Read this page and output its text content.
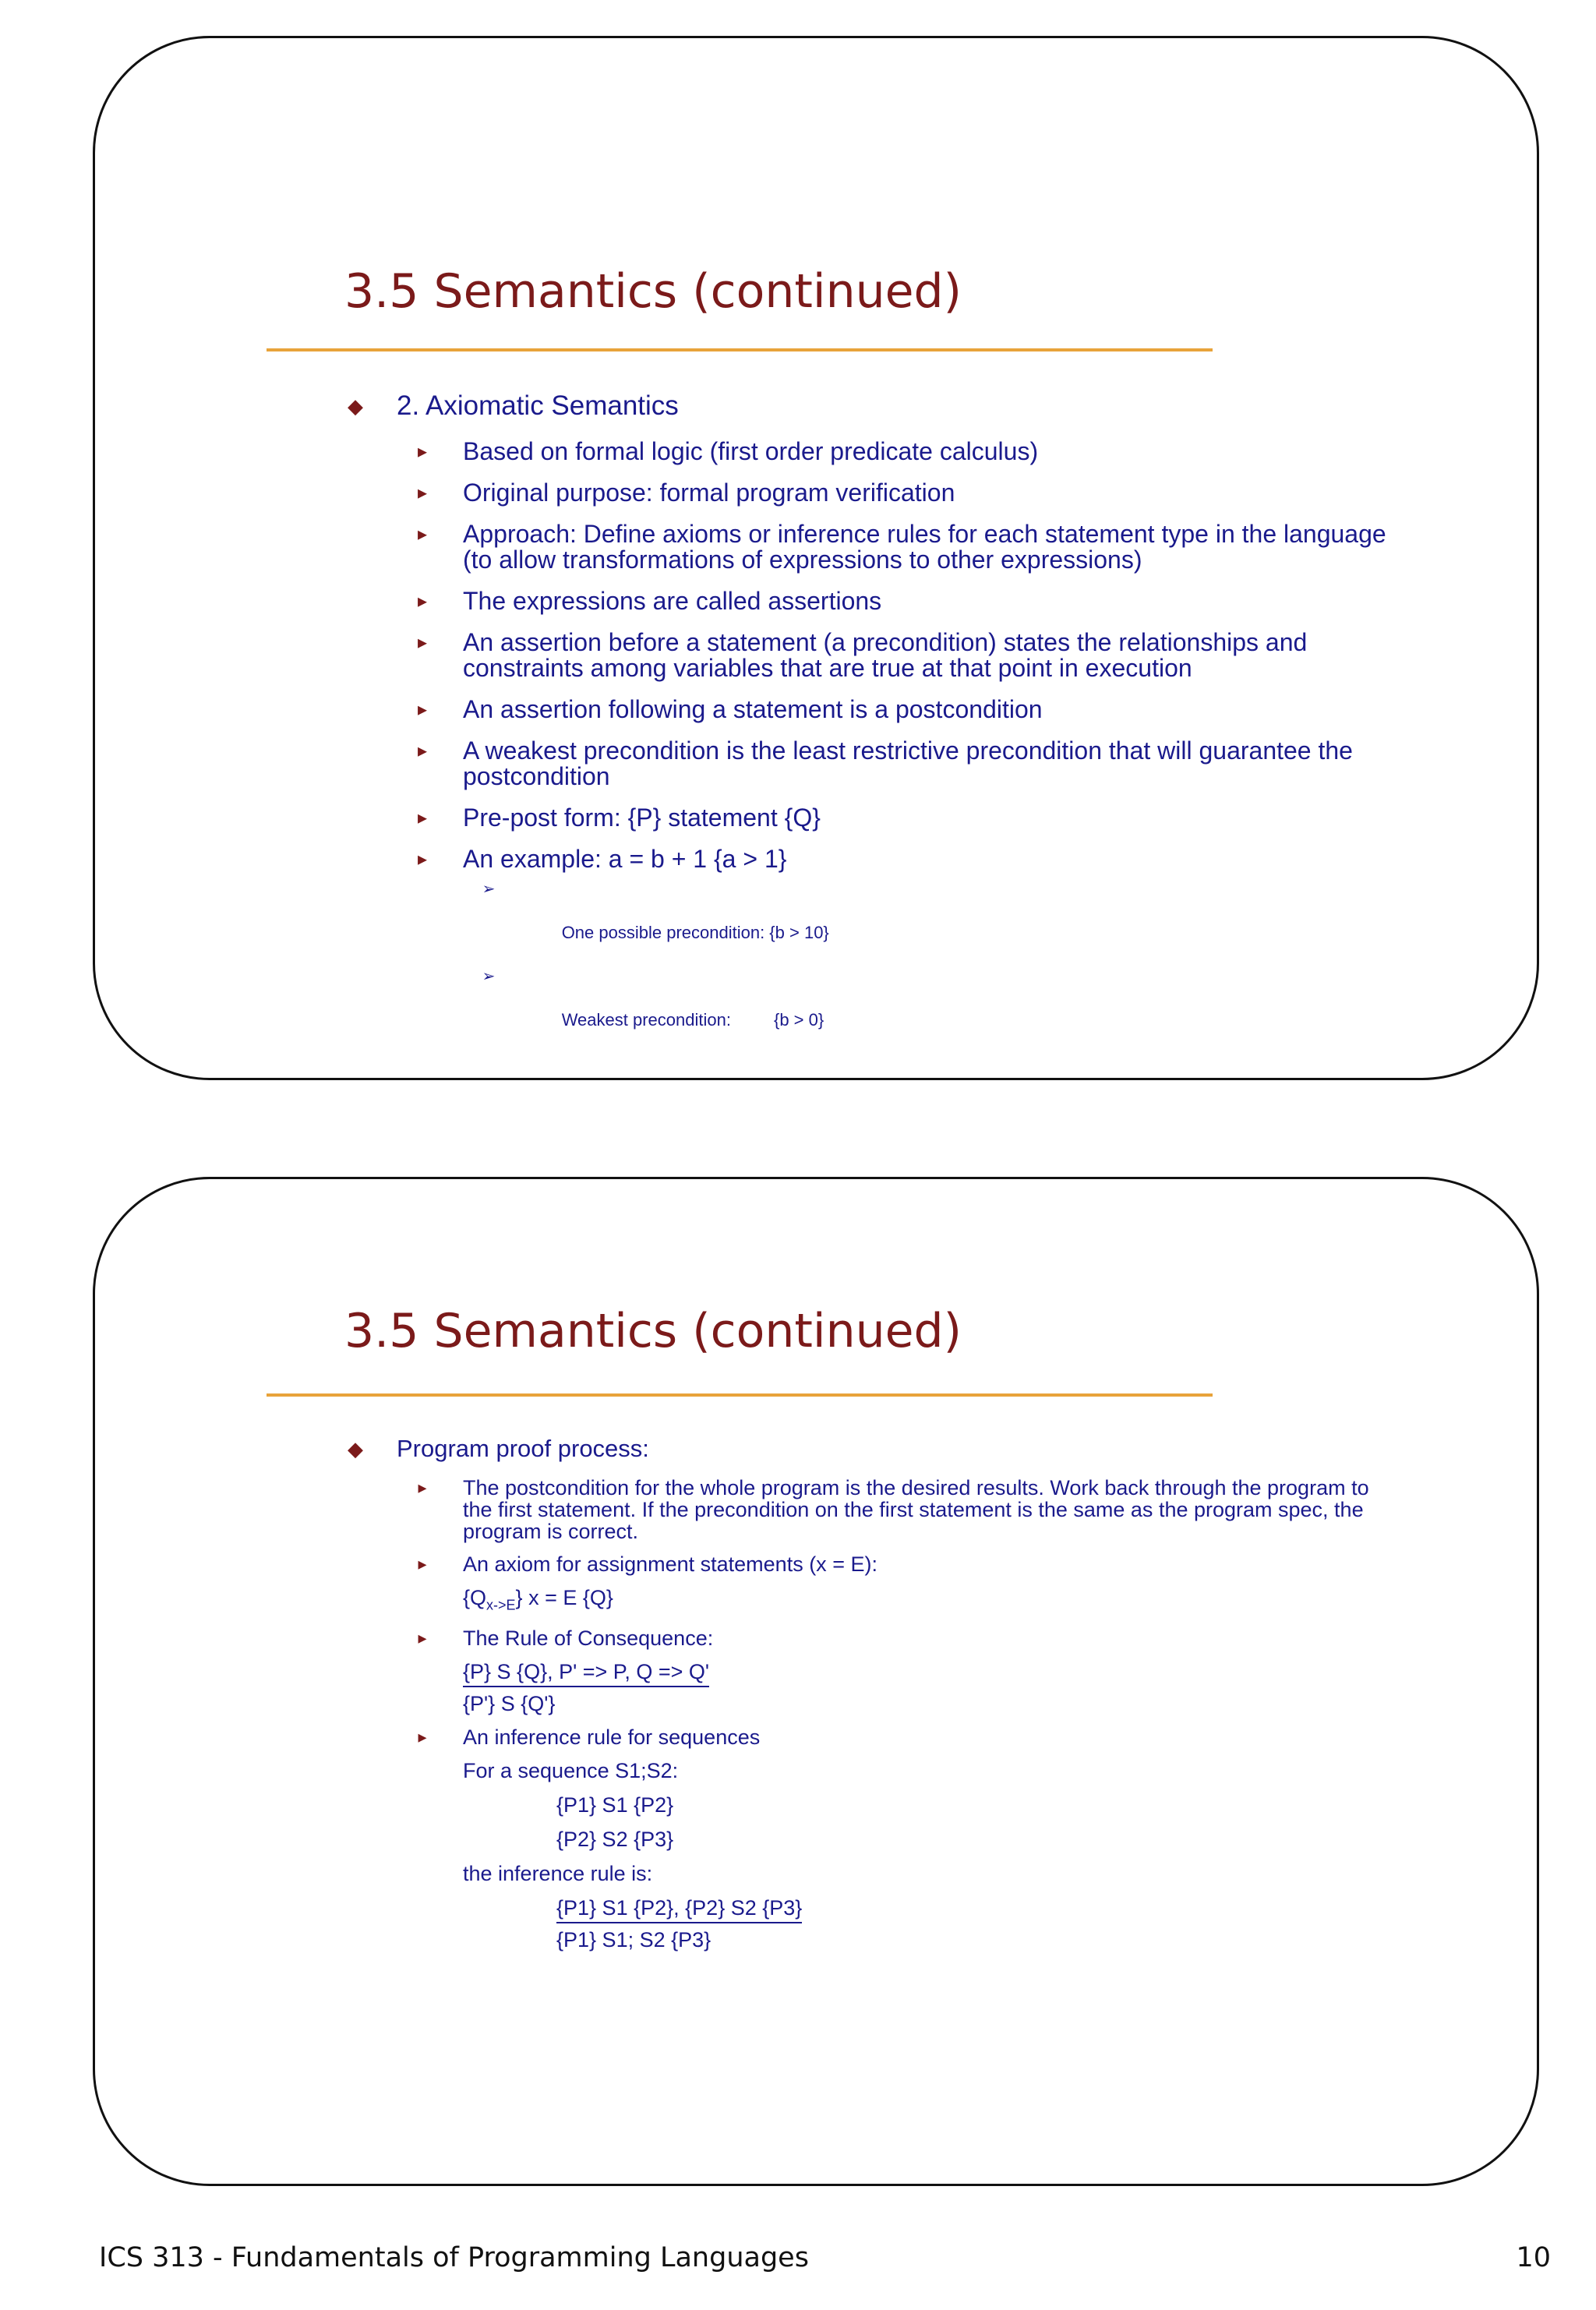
3.5 Semantics (continued)
◆ 2. Axiomatic Semantics
▸ Based on formal logic (first order predicate calculus)
▸ Original purpose: formal program verification
▸ Approach: Define axioms or inference rules for each statement type in the language (to allow transformations of expressions to other expressions)
▸ The expressions are called assertions
▸ An assertion before a statement (a precondition) states the relationships and constraints among variables that are true at that point in execution
▸ An assertion following a statement is a postcondition
▸ A weakest precondition is the least restrictive precondition that will guarantee the postcondition
▸ Pre-post form: {P} statement {Q}
▸ An example: a = b + 1 {a > 1}

➢

One possible precondition: {b > 10}

➢

Weakest precondition:         {b > 0}

3.5 Semantics (continued)
◆ Program proof process:
▸	The postcondition for the whole program is the desired results. Work back through the program to the first statement. If the precondition on the first statement is the same as the program spec, the program is correct.
▸	An axiom for assignment statements (x = E):
$\{Q_{x->E}\} x = E$ {Q}
▸	The Rule of Consequence:
{P} S {Q}, P' => P, Q => Q'
{P'} S {Q'}
▸	An inference rule for sequences
For a sequence S1;S2:
{P1} S1 {P2}
{P2} S2 {P3}
the inference rule is:
{P1} S1 {P2}, {P2} S2 {P3}
{P1} S1; S2 {P3}
ICS 313 - Fundamentals of Programming Languages	10
